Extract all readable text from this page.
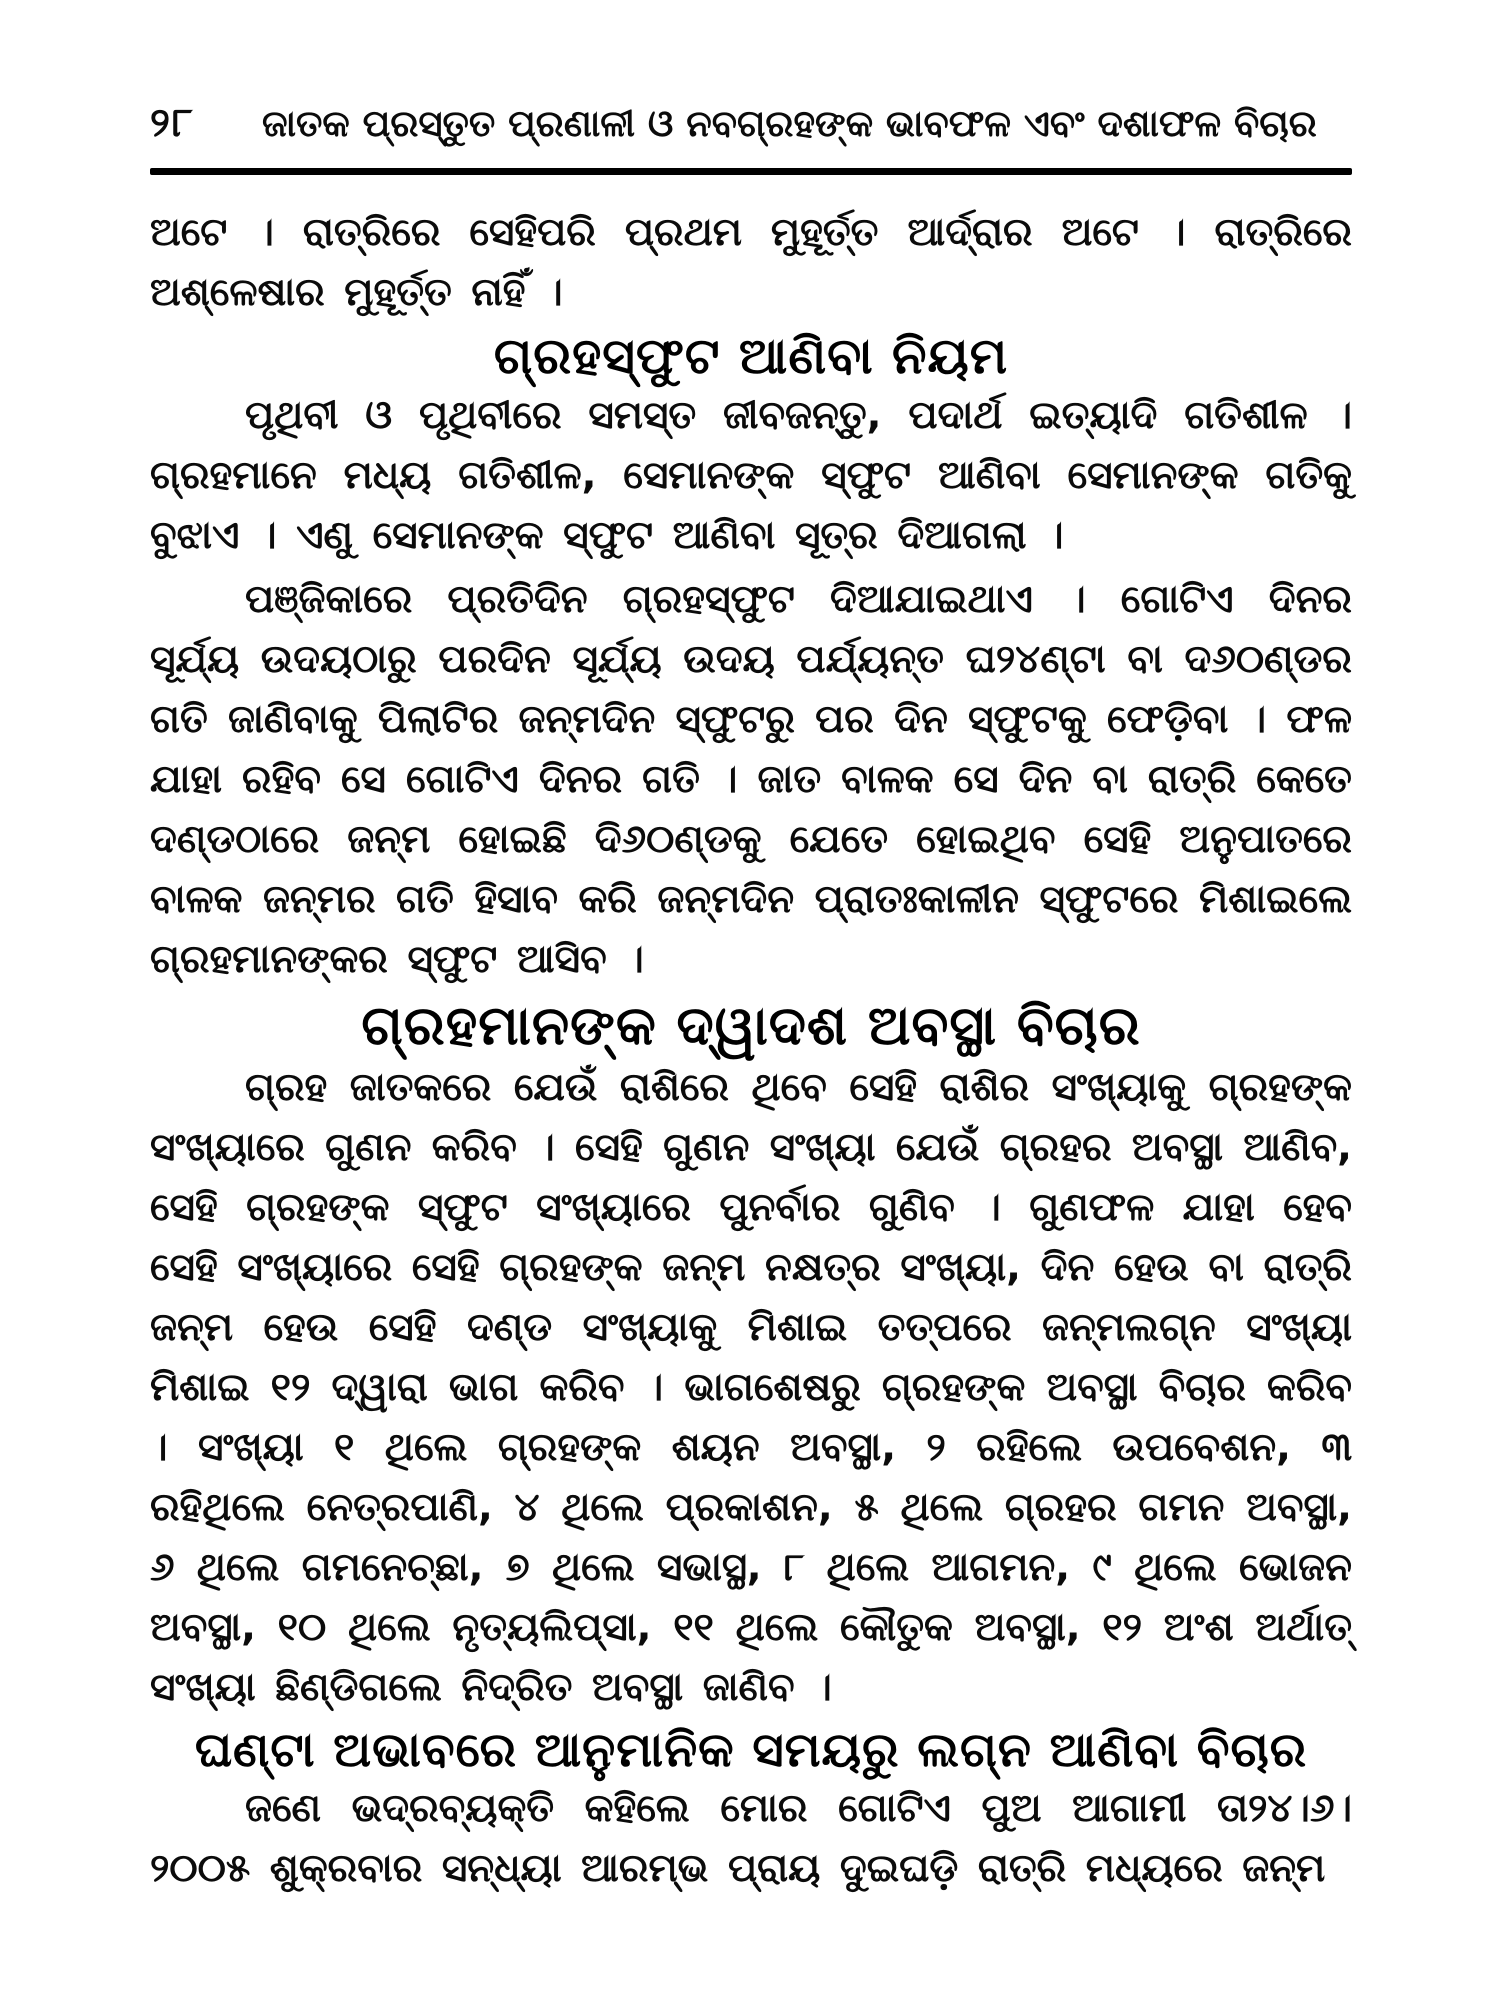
୨୮	ଜାତକ ପ୍ରସ୍ତୁତ ପ୍ରଣାଳୀ ଓ ନବଗ୍ରହଙ୍କ ଭାବଫଳ ଏବଂ ଦଶାଫଳ ବିଚାର

ଅଟେ । ରାତ୍ରିରେ ସେହିପରି ପ୍ରଥମ ମୁହୂର୍ତ୍ତ ଆର୍ଦ୍ରାର ଅଟେ । ରାତ୍ରିରେ ଅଶ୍ଳେଷାର ମୁହୂର୍ତ୍ତ ନାହିଁ ।

ଗ୍ରହସ୍ଫୁଟ ଆଣିବା ନିୟମ

ପୃଥିବୀ ଓ ପୃଥିବୀରେ ସମସ୍ତ ଜୀବଜନ୍ତୁ, ପଦାର୍ଥ ଇତ୍ୟାଦି ଗତିଶୀଳ । ଗ୍ରହମାନେ ମଧ୍ୟ ଗତିଶୀଳ, ସେମାନଙ୍କ ସ୍ଫୁଟ ଆଣିବା ସେମାନଙ୍କ ଗତିକୁ ବୁଝାଏ । ଏଣୁ ସେମାନଙ୍କ ସ୍ଫୁଟ ଆଣିବା ସୂତ୍ର ଦିଆଗଲା ।

ପଞ୍ଜିକାରେ ପ୍ରତିଦିନ ଗ୍ରହସ୍ଫୁଟ ଦିଆଯାଇଥାଏ । ଗୋଟିଏ ଦିନର ସୂର୍ଯ୍ୟ ଉଦୟଠାରୁ ପରଦିନ ସୂର୍ଯ୍ୟ ଉଦୟ ପର୍ଯ୍ୟନ୍ତ ଘ୨୪ଣ୍ଟା ବା ଦ୬୦ଣ୍ଡର ଗତି ଜାଣିବାକୁ ପିଲାଟିର ଜନ୍ମଦିନ ସ୍ଫୁଟରୁ ପର ଦିନ ସ୍ଫୁଟକୁ ଫେଡ଼ିବା । ଫଳ ଯାହା ରହିବ ସେ ଗୋଟିଏ ଦିନର ଗତି । ଜାତ ବାଳକ ସେ ଦିନ ବା ରାତ୍ରି କେତେ ଦଣ୍ଡଠାରେ ଜନ୍ମ ହୋଇଛି ଦି୬୦ଣ୍ଡକୁ ଯେତେ ହୋଇଥିବ ସେହି ଅନୁପାତରେ ବାଳକ ଜନ୍ମର ଗତି ହିସାବ କରି ଜନ୍ମଦିନ ପ୍ରାତଃକାଳୀନ ସ୍ଫୁଟରେ ମିଶାଇଲେ ଗ୍ରହମାନଙ୍କର ସ୍ଫୁଟ ଆସିବ ।

ଗ୍ରହମାନଙ୍କ ଦ୍ୱାଦଶ ଅବସ୍ଥା ବିଚାର

ଗ୍ରହ ଜାତକରେ ଯେଉଁ ରାଶିରେ ଥିବେ ସେହି ରାଶିର ସଂଖ୍ୟାକୁ ଗ୍ରହଙ୍କ ସଂଖ୍ୟାରେ ଗୁଣନ କରିବ । ସେହି ଗୁଣନ ସଂଖ୍ୟା ଯେଉଁ ଗ୍ରହର ଅବସ୍ଥା ଆଣିବ, ସେହି ଗ୍ରହଙ୍କ ସ୍ଫୁଟ ସଂଖ୍ୟାରେ ପୁନର୍ବାର ଗୁଣିବ । ଗୁଣଫଳ ଯାହା ହେବ ସେହି ସଂଖ୍ୟାରେ ସେହି ଗ୍ରହଙ୍କ ଜନ୍ମ ନକ୍ଷତ୍ର ସଂଖ୍ୟା, ଦିନ ହେଉ ବା ରାତ୍ରି ଜନ୍ମ ହେଉ ସେହି ଦଣ୍ଡ ସଂଖ୍ୟାକୁ ମିଶାଇ ତତ୍ପରେ ଜନ୍ମଲଗ୍ନ ସଂଖ୍ୟା ମିଶାଇ ୧୨ ଦ୍ୱାରା ଭାଗ କରିବ । ଭାଗଶେଷରୁ ଗ୍ରହଙ୍କ ଅବସ୍ଥା ବିଚାର କରିବ । ସଂଖ୍ୟା ୧ ଥିଲେ ଗ୍ରହଙ୍କ ଶୟନ ଅବସ୍ଥା, ୨ ରହିଲେ ଉପବେଶନ, ୩ ରହିଥିଲେ ନେତ୍ରପାଣି, ୪ ଥିଲେ ପ୍ରକାଶନ, ୫ ଥିଲେ ଗ୍ରହର ଗମନ ଅବସ୍ଥା, ୬ ଥିଲେ ଗମନେଚ୍ଛା, ୭ ଥିଲେ ସଭାସ୍ଥ, ୮ ଥିଲେ ଆଗମନ, ୯ ଥିଲେ ଭୋଜନ ଅବସ୍ଥା, ୧୦ ଥିଲେ ନୃତ୍ୟଲିପ୍ସା, ୧୧ ଥିଲେ କୌତୁକ ଅବସ୍ଥା, ୧୨ ଅଂଶ ଅର୍ଥାତ୍ ସଂଖ୍ୟା ଛିଣ୍ଡିଗଲେ ନିଦ୍ରିତ ଅବସ୍ଥା ଜାଣିବ ।

ଘଣ୍ଟା ଅଭାବରେ ଆନୁମାନିକ ସମୟରୁ ଲଗ୍ନ ଆଣିବା ବିଚାର

ଜଣେ ଭଦ୍ରବ୍ୟକ୍ତି କହିଲେ ମୋର ଗୋଟିଏ ପୁଅ ଆଗାମୀ ତା୨୪।୬।୨୦୦୫ ଶୁକ୍ରବାର ସନ୍ଧ୍ୟା ଆରମ୍ଭ ପ୍ରାୟ ଦୁଇଘଡ଼ି ରାତ୍ରି ମଧ୍ୟରେ ଜନ୍ମ
